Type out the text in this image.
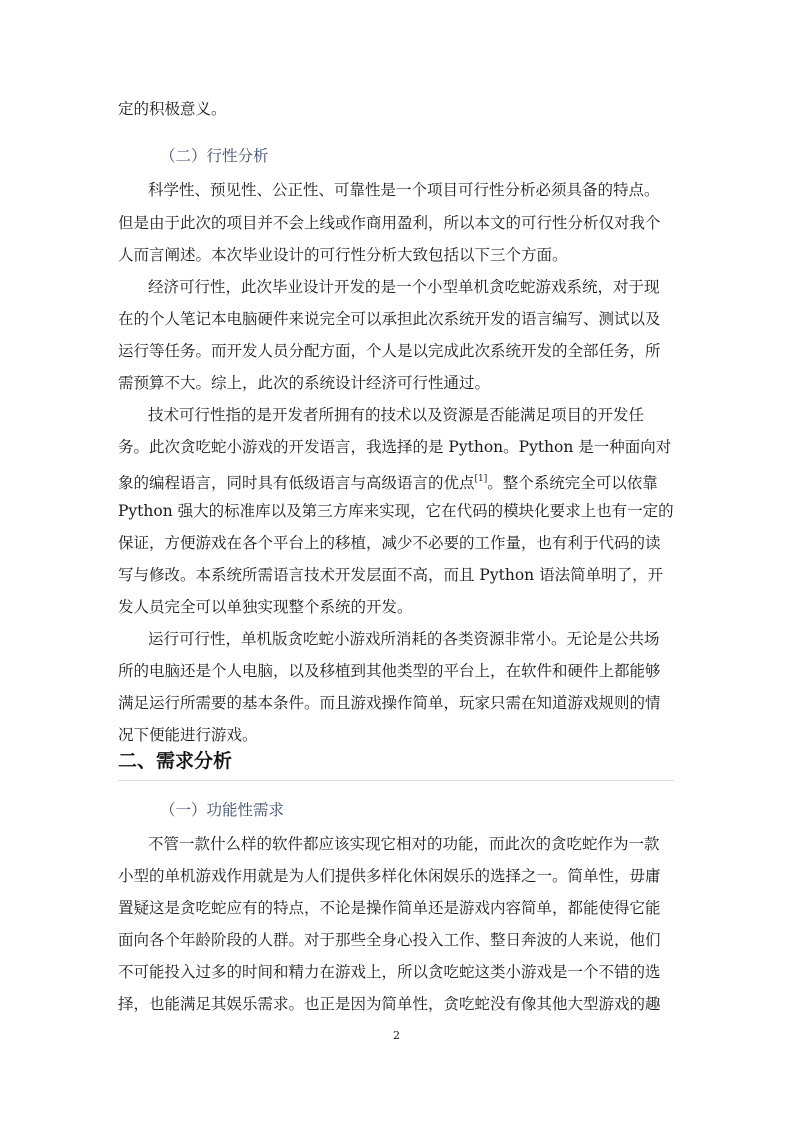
定的积极意义。
（二）行性分析
科学性、预见性、公正性、可靠性是一个项目可行性分析必须具备的特点。
但是由于此次的项目并不会上线或作商用盈利，所以本文的可行性分析仅对我个
人而言阐述。本次毕业设计的可行性分析大致包括以下三个方面。
经济可行性，此次毕业设计开发的是一个小型单机贪吃蛇游戏系统，对于现
在的个人笔记本电脑硬件来说完全可以承担此次系统开发的语言编写、测试以及
运行等任务。而开发人员分配方面，个人是以完成此次系统开发的全部任务，所
需预算不大。综上，此次的系统设计经济可行性通过。
技术可行性指的是开发者所拥有的技术以及资源是否能满足项目的开发任
务。此次贪吃蛇小游戏的开发语言，我选择的是 Python。Python 是一种面向对
象的编程语言，同时具有低级语言与高级语言的优点[1]。整个系统完全可以依靠
Python 强大的标准库以及第三方库来实现，它在代码的模块化要求上也有一定的
保证，方便游戏在各个平台上的移植，减少不必要的工作量，也有利于代码的读
写与修改。本系统所需语言技术开发层面不高，而且 Python 语法简单明了，开
发人员完全可以单独实现整个系统的开发。
运行可行性，单机版贪吃蛇小游戏所消耗的各类资源非常小。无论是公共场
所的电脑还是个人电脑，以及移植到其他类型的平台上，在软件和硬件上都能够
满足运行所需要的基本条件。而且游戏操作简单，玩家只需在知道游戏规则的情
况下便能进行游戏。
二、需求分析
（一）功能性需求
不管一款什么样的软件都应该实现它相对的功能，而此次的贪吃蛇作为一款
小型的单机游戏作用就是为人们提供多样化休闲娱乐的选择之一。简单性，毋庸
置疑这是贪吃蛇应有的特点，不论是操作简单还是游戏内容简单，都能使得它能
面向各个年龄阶段的人群。对于那些全身心投入工作、整日奔波的人来说，他们
不可能投入过多的时间和精力在游戏上，所以贪吃蛇这类小游戏是一个不错的选
择，也能满足其娱乐需求。也正是因为简单性，贪吃蛇没有像其他大型游戏的趣
2
